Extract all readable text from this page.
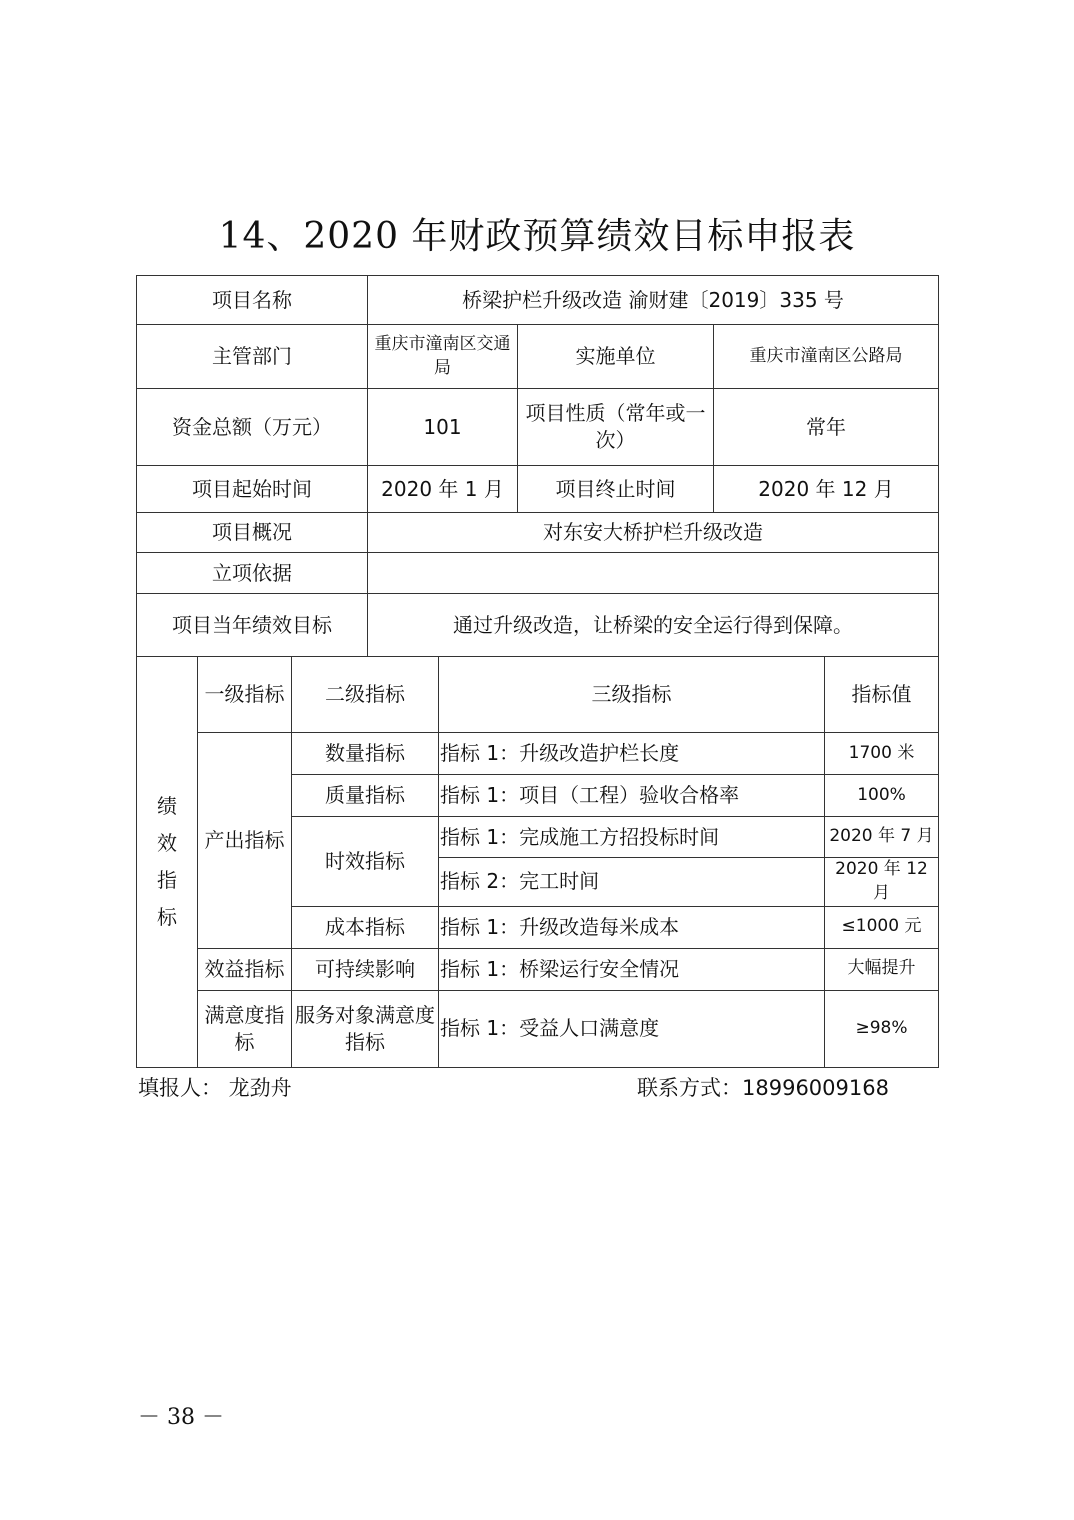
14、2020 年财政预算绩效目标申报表
项目名称	桥梁护栏升级改造 渝财建〔2019〕335 号		
主管部门	重庆市潼南区交通局	实施单位	重庆市潼南区公路局
资金总额（万元）	101	项目性质（常年或一次）	常年
项目起始时间	2020 年 1 月	项目终止时间	2020 年 12 月
项目概况	对东安大桥护栏升级改造		
立项依据			
项目当年绩效目标	通过升级改造，让桥梁的安全运行得到保障。		
绩
效
指
标	一级指标	二级指标	三级指标	指标值
	产出指标	数量指标	指标 1：升级改造护栏长度	1700 米
		质量指标	指标 1：项目（工程）验收合格率	100%
		时效指标	指标 1：完成施工方招投标时间	2020 年 7 月
			指标 2：完工时间	2020 年 12 月
		成本指标	指标 1：升级改造每米成本	≤1000 元
	效益指标	可持续影响	指标 1：桥梁运行安全情况	大幅提升
	满意度指标	服务对象满意度指标	指标 1：受益人口满意度	≥98%
填报人： 龙劲舟	联系方式：18996009168
－ 38 －
